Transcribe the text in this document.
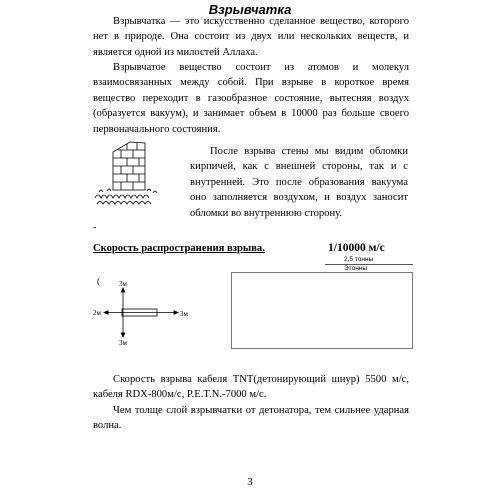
Взрывчатка

Взрывчатка — это искусственно сделанное вещество, которого нет в природе. Она состоит из двух или нескольких веществ, и является одной из милостей Аллаха.

Взрывчатое вещество состоит из атомов и молекул взаимосвязанных между собой. При взрыве в короткое время вещество переходит в газообразное состояние, вытесняя воздух (образуется вакуум), и занимает объем в 10000 раз больше своего первоначального состояния.

После взрыва стены мы видим обломки кирпичей, как с внешней стороны, так и с внутренней. Это после образования вакуума оно заполняется воздухом, и воздух заносит обломки во внутреннюю сторону.

-
Скорость распространения взрыва.	1/10000 м/с
2,5 тонны
Этонны
(	3м
2м	3м
3м

Скорость взрыва кабеля TNT(детонирующий шнур) 5500 м/с, кабеля RDX-800м/с, P.E.T.N.-7000 м/с.

Чем толще слой взрывчатки от детонатора, тем сильнее ударная волна.

3
